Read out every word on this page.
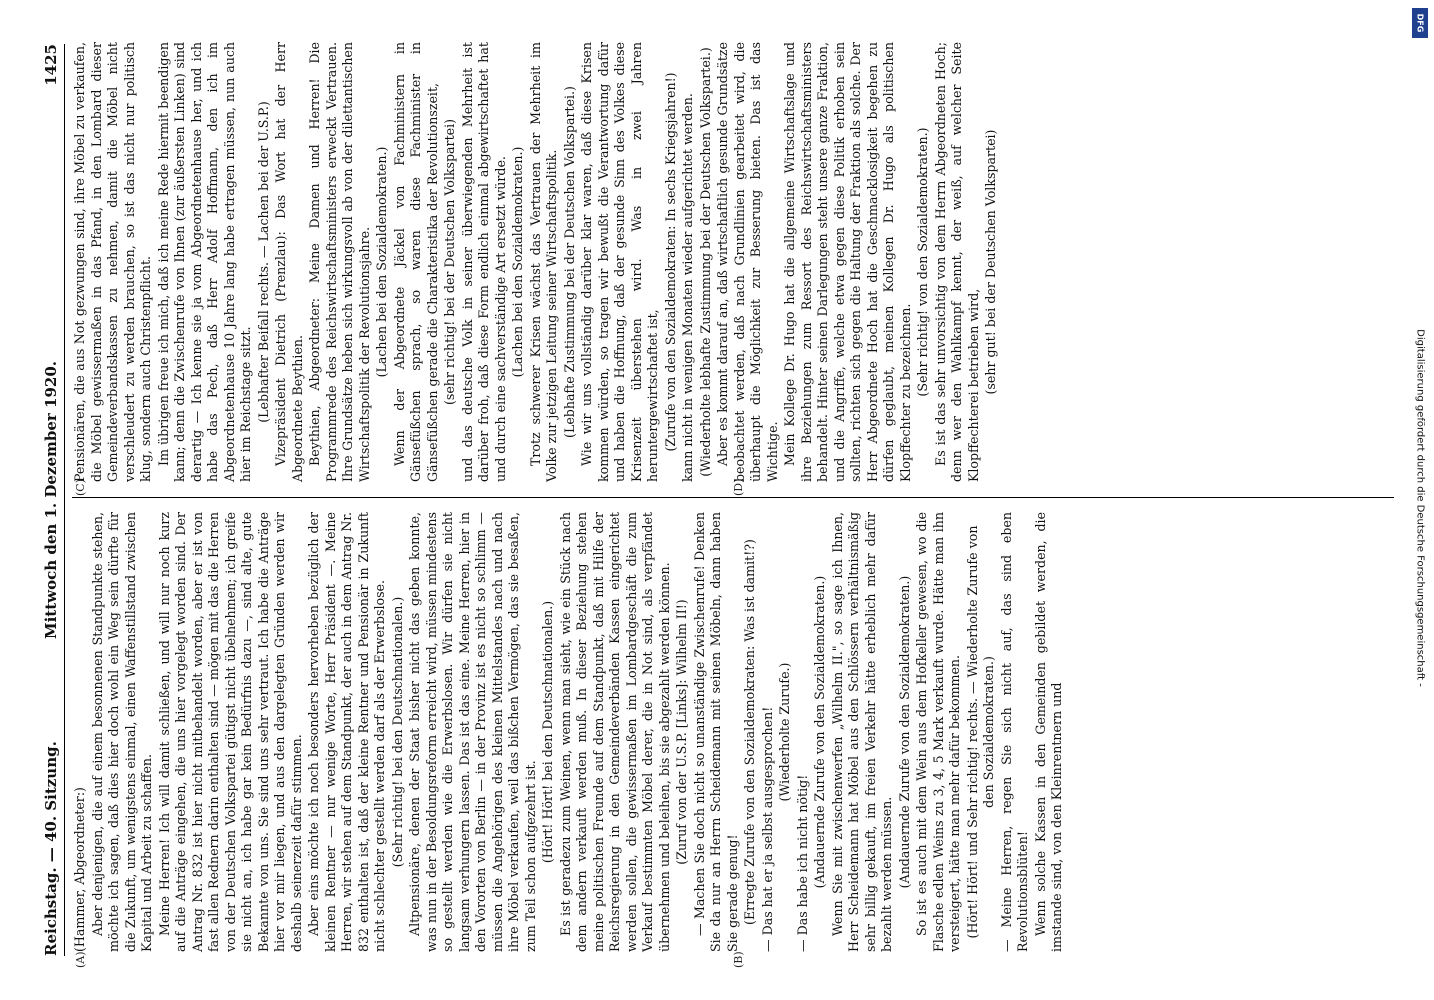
Reichstag. — 40. Sitzung.
Mittwoch den 1. Dezember 1920.
1425
(A)	(B)
(C)	(D)

(Hammer, Abgeordneter:) Aber denjenigen, die auf einem besonnenen Standpunkte stehen, möchte ich sagen, daß dies hier doch wohl ein Weg sein dürfte für die Zukunft, um wenigstens einmal, einen Waffenstillstand zwischen Kapital und Arbeit zu schaffen. Meine Herren! Ich will damit schließen, und will nur noch kurz auf die Anträge eingehen, die uns hier vorgelegt worden sind. Der Antrag Nr. 832 ist hier nicht mitbehandelt worden, aber er ist von fast allen Rednern darin enthalten sind — mögen mit das die Herren von der Deutschen Volkspartei gütigst nicht übelnehmen; ich greife sie nicht an, ich habe gar kein Bedürfnis dazu —, sind alte, gute Bekannte von uns. Sie sind uns sehr vertraut. Ich habe die Anträge hier vor mir liegen, und aus den dargelegten Gründen werden wir deshalb seinerzeit dafür stimmen. Aber eins möchte ich noch besonders hervorheben bezüglich der kleinen Rentner — nur wenige Worte, Herr Präsident —. Meine Herren, wir stehen auf dem Standpunkt, der auch in dem Antrag Nr. 832 enthalten ist, daß der kleine Rentner und Pensionär in Zukunft nicht schlechter gestellt werden darf als der Erwerbslose. (Sehr richtig! bei den Deutschnationalen.) Altpensionäre, denen der Staat bisher nicht das geben konnte, was nun in der Besoldungsreform erreicht wird, müssen mindestens so gestellt werden wie die Erwerbslosen. Wir dürfen sie nicht langsam verhungern lassen. Das ist das eine. Meine Herren, hier in den Vororten von Berlin — in der Provinz ist es nicht so schlimm — müssen die Angehörigen des kleinen Mittelstandes nach und nach ihre Möbel verkaufen, weil das bißchen Vermögen, das sie besaßen, zum Teil schon aufgezehrt ist. (Hört! Hört! bei den Deutschnationalen.) Es ist geradezu zum Weinen, wenn man sieht, wie ein Stück nach dem andern verkauft werden muß. In dieser Beziehung stehen meine politischen Freunde auf dem Standpunkt, daß mit Hilfe der Reichsregierung in den Gemeindeverbänden Kassen eingerichtet werden sollen, die gewissermaßen im Lombardgeschäft die zum Verkauf bestimmten Möbel derer, die in Not sind, als verpfändet übernehmen und beleihen, bis sie abgezahlt werden können. (Zuruf von der U.S.P. [Links]: Wilhelm II!) — Machen Sie doch nicht so unanständige Zwischenrufe! Denken Sie da nur an Herrn Scheidemann mit seinen Möbeln, dann haben Sie gerade genug! (Erregte Zurufe von den Sozialdemokraten: Was ist damit!?) — Das hat er ja selbst ausgesprochen! (Wiederholte Zurufe.)

— Das habe ich nicht nötig! (Andauernde Zurufe von den Sozialdemokraten.) Wenn Sie mit zwischenwerfen „Wilhelm II.", so sage ich Ihnen, Herr Scheidemann hat Möbel aus den Schlössern verhältnismäßig sehr billig gekauft, im freien Verkehr hätte erheblich mehr dafür bezahlt werden müssen. (Andauernde Zurufe von den Sozialdemokraten.) So ist es auch mit dem Wein aus dem Hofkeller gewesen, wo die Flasche edlen Weins zu 3, 4, 5 Mark verkauft wurde. Hätte man ihn versteigert, hätte man mehr dafür bekommen. (Hört! Hört! und Sehr richtig! rechts. — Wiederholte Zurufe von den Sozialdemokraten.) — Meine Herren, regen Sie sich nicht auf, das sind eben Revolutionsblüten! Wenn solche Kassen in den Gemeinden gebildet werden, die imstande sind, von den Kleinrentnern und

Pensionären, die aus Not gezwungen sind, ihre Möbel zu verkaufen, die Möbel gewissermaßen in das Pfand, in den Lombard dieser Gemeindeverbandskassen zu nehmen, damit die Möbel nicht verschleudert zu werden brauchen, so ist das nicht nur politisch klug, sondern auch Christenpflicht. Im übrigen freue ich mich, daß ich meine Rede hiermit beendigen kann; denn die Zwischenrufe von Ihnen (zur äußersten Linken) sind derartig — Ich kenne sie ja vom Abgeordnetenhause her, und ich habe das Pech, daß Herr Adolf Hoffmann, den ich im Abgeordnetenhause 10 Jahre lang habe ertragen müssen, nun auch hier im Reichstage sitzt. (Lebhafter Beifall rechts. — Lachen bei der U.S.P.) Vizepräsident Dietrich (Prenzlau): Das Wort hat der Herr Abgeordnete Beythien. Beythien, Abgeordneter: Meine Damen und Herren! Die Programmrede des Reichswirtschaftsministers erweckt Vertrauen. Ihre Grundsätze heben sich wirkungsvoll ab von der dilettantischen Wirtschaftspolitik der Revolutionsjahre. (Lachen bei den Sozialdemokraten.) Wenn der Abgeordnete Jäckel von Fachministern in Gänsefüßchen sprach, so waren diese Fachminister in Gänsefüßchen gerade die Charakteristika der Revolutionszeit, (sehr richtig! bei der Deutschen Volkspartei) und das deutsche Volk in seiner überwiegenden Mehrheit ist darüber froh, daß diese Form endlich einmal abgewirtschaftet hat und durch eine sachverständige Art ersetzt würde. (Lachen bei den Sozialdemokraten.) Trotz schwerer Krisen wächst das Vertrauen der Mehrheit im Volke zur jetzigen Leitung seiner Wirtschaftspolitik. (Lebhafte Zustimmung bei der Deutschen Volkspartei.) Wie wir uns vollständig darüber klar waren, daß diese Krisen kommen würden, so tragen wir bewußt die Verantwortung dafür und haben die Hoffnung, daß der gesunde Sinn des Volkes diese Krisenzeit überstehen wird. Was in zwei Jahren heruntergewirtschaftet ist, (Zurufe von den Sozialdemokraten: In sechs Kriegsjahren!) kann nicht in wenigen Monaten wieder aufgerichtet werden. (Wiederholte lebhafte Zustimmung bei der Deutschen Volkspartei.) Aber es kommt darauf an, daß wirtschaftlich gesunde Grundsätze beobachtet werden, daß nach Grundlinien gearbeitet wird, die überhaupt die Möglichkeit zur Besserung bieten. Das ist das Wichtige. Mein Kollege Dr. Hugo hat die allgemeine Wirtschaftslage und ihre Beziehungen zum Ressort des Reichswirtschaftsministers behandelt. Hinter seinen Darlegungen steht unsere ganze Fraktion, und die Angriffe, welche etwa gegen diese Politik erhoben sein sollten, richten sich gegen die Haltung der Fraktion als solche. Der Herr Abgeordnete Hoch hat die Geschmacklosigkeit begehen zu dürfen geglaubt, meinen Kollegen Dr. Hugo als politischen Klopffechter zu bezeichnen. (Sehr richtig! von den Sozialdemokraten.) Es ist das sehr unvorsichtig von dem Herrn Abgeordneten Hoch; denn wer den Wahlkampf kennt, der weiß, auf welcher Seite Klopffechterei betrieben wird, (sehr gut! bei der Deutschen Volkspartei)

DFG
Digitalisierung gefördert durch die Deutsche Forschungsgemeinschaft -
